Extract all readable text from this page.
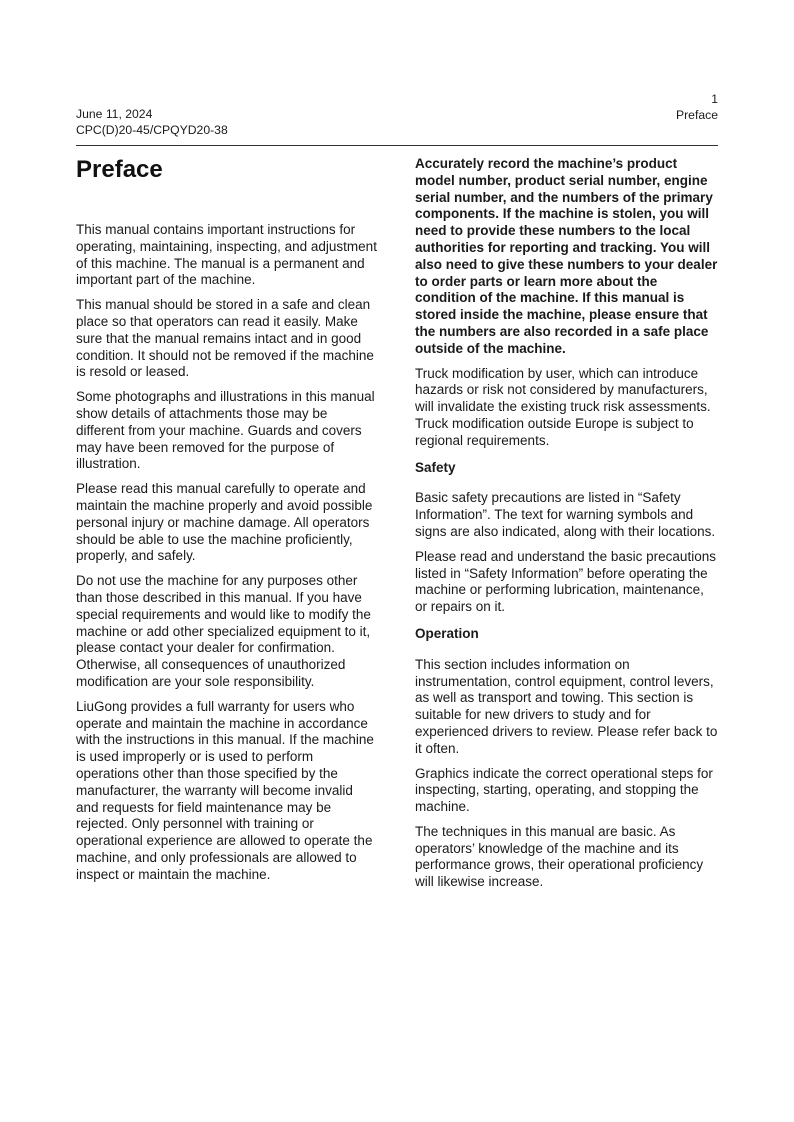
June 11, 2024
CPC(D)20-45/CPQYD20-38
1
Preface
Preface

This manual contains important instructions for operating, maintaining, inspecting, and adjustment of this machine. The manual is a permanent and important part of the machine.

This manual should be stored in a safe and clean place so that operators can read it easily. Make sure that the manual remains intact and in good condition. It should not be removed if the machine is resold or leased.

Some photographs and illustrations in this manual show details of attachments those may be different from your machine. Guards and covers may have been removed for the purpose of illustration.

Please read this manual carefully to operate and maintain the machine properly and avoid possible personal injury or machine damage. All operators should be able to use the machine proficiently, properly, and safely.

Do not use the machine for any purposes other than those described in this manual. If you have special requirements and would like to modify the machine or add other specialized equipment to it, please contact your dealer for confirmation. Otherwise, all consequences of unauthorized modification are your sole responsibility.

LiuGong provides a full warranty for users who operate and maintain the machine in accordance with the instructions in this manual. If the machine is used improperly or is used to perform operations other than those specified by the manufacturer, the warranty will become invalid and requests for field maintenance may be rejected. Only personnel with training or operational experience are allowed to operate the machine, and only professionals are allowed to inspect or maintain the machine.

Accurately record the machine’s product model number, product serial number, engine serial number, and the numbers of the primary components. If the machine is stolen, you will need to provide these numbers to the local authorities for reporting and tracking. You will also need to give these numbers to your dealer to order parts or learn more about the condition of the machine. If this manual is stored inside the machine, please ensure that the numbers are also recorded in a safe place outside of the machine.

Truck modification by user, which can introduce hazards or risk not considered by manufacturers, will invalidate the existing truck risk assessments. Truck modification outside Europe is subject to regional requirements.

Safety

Basic safety precautions are listed in “Safety Information”. The text for warning symbols and signs are also indicated, along with their locations.

Please read and understand the basic precautions listed in “Safety Information” before operating the machine or performing lubrication, maintenance, or repairs on it.

Operation

This section includes information on instrumentation, control equipment, control levers, as well as transport and towing. This section is suitable for new drivers to study and for experienced drivers to review. Please refer back to it often.

Graphics indicate the correct operational steps for inspecting, starting, operating, and stopping the machine.

The techniques in this manual are basic. As operators’ knowledge of the machine and its performance grows, their operational proficiency will likewise increase.
